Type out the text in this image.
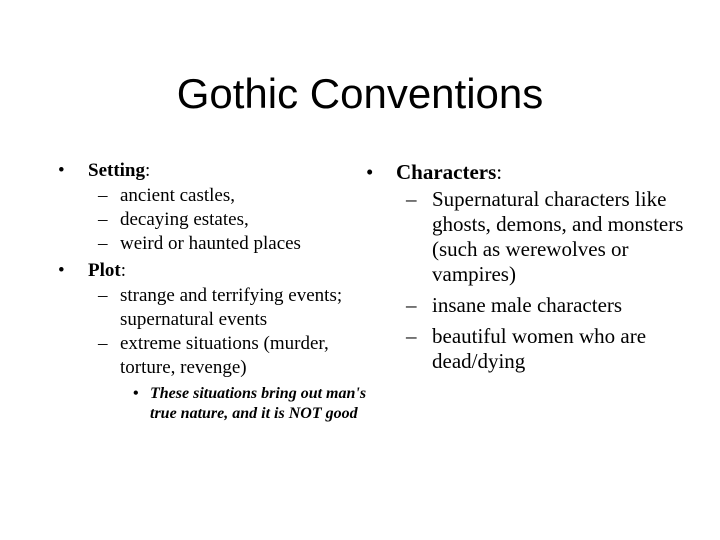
Gothic Conventions
• Setting:
– ancient castles,
– decaying estates,
– weird or haunted places
• Plot:
– strange and terrifying events; supernatural events
– extreme situations (murder, torture, revenge)
• These situations bring out man's true nature, and it is NOT good
• Characters:
– Supernatural characters like ghosts, demons, and monsters (such as werewolves or vampires)
– insane male characters
– beautiful women who are dead/dying
